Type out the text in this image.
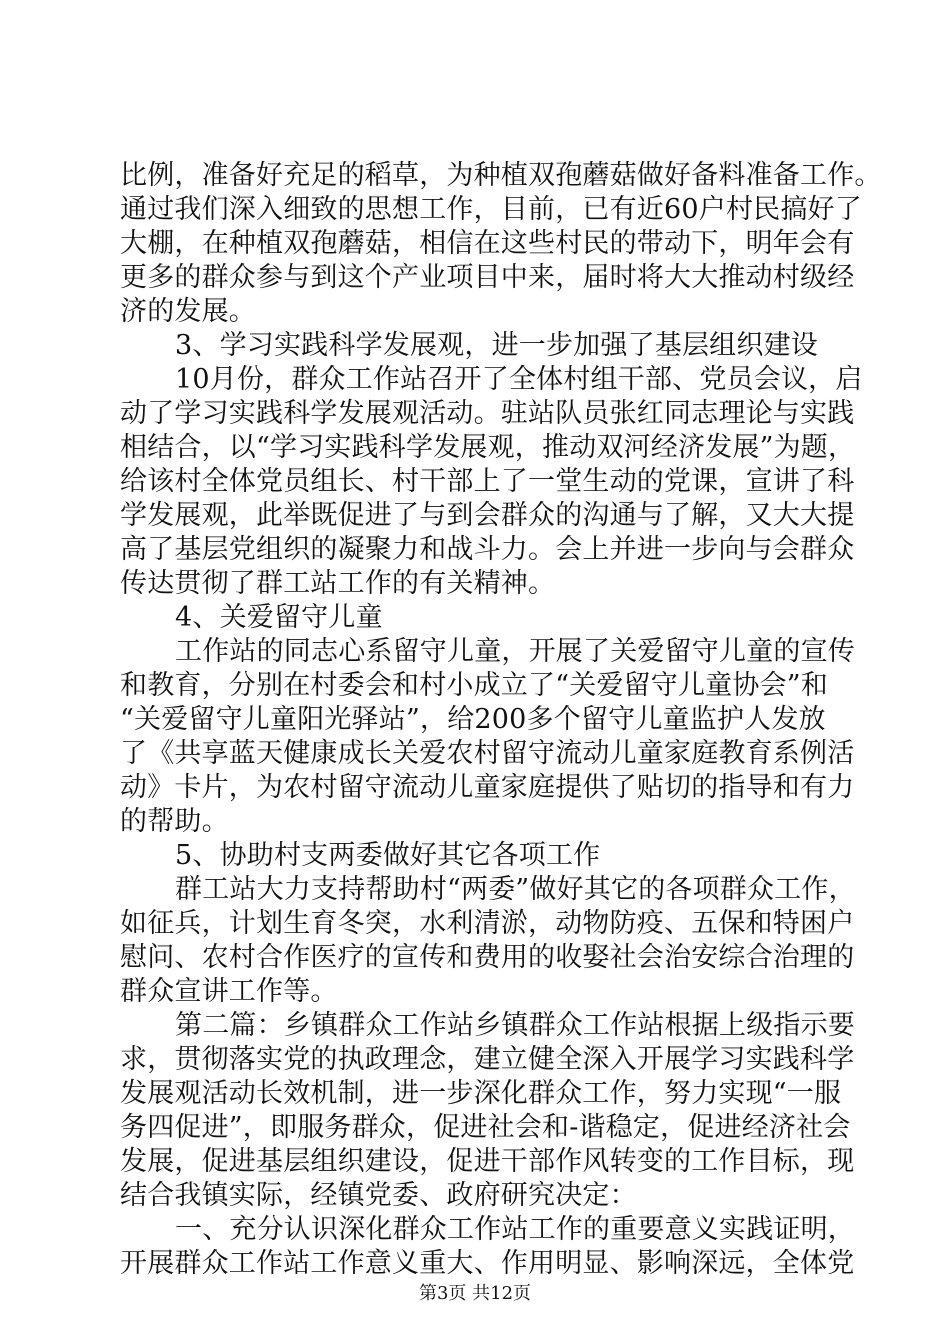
比例，准备好充足的稻草，为种植双孢蘑菇做好备料准备工作。
通过我们深入细致的思想工作，目前，已有近60户村民搞好了
大棚，在种植双孢蘑菇，相信在这些村民的带动下，明年会有
更多的群众参与到这个产业项目中来，届时将大大推动村级经
济的发展。
3、学习实践科学发展观，进一步加强了基层组织建设
10月份，群众工作站召开了全体村组干部、党员会议，启
动了学习实践科学发展观活动。驻站队员张红同志理论与实践
相结合，以“学习实践科学发展观，推动双河经济发展”为题，
给该村全体党员组长、村干部上了一堂生动的党课，宣讲了科
学发展观，此举既促进了与到会群众的沟通与了解，又大大提
高了基层党组织的凝聚力和战斗力。会上并进一步向与会群众
传达贯彻了群工站工作的有关精神。
4、关爱留守儿童
工作站的同志心系留守儿童，开展了关爱留守儿童的宣传
和教育，分别在村委会和村小成立了“关爱留守儿童协会”和
“关爱留守儿童阳光驿站”，给200多个留守儿童监护人发放
了《共享蓝天健康成长关爱农村留守流动儿童家庭教育系例活
动》卡片，为农村留守流动儿童家庭提供了贴切的指导和有力
的帮助。
5、协助村支两委做好其它各项工作
群工站大力支持帮助村“两委”做好其它的各项群众工作，
如征兵，计划生育冬突，水利清淤，动物防疫、五保和特困户
慰问、农村合作医疗的宣传和费用的收娶社会治安综合治理的
群众宣讲工作等。
第二篇：乡镇群众工作站乡镇群众工作站根据上级指示要
求，贯彻落实党的执政理念，建立健全深入开展学习实践科学
发展观活动长效机制，进一步深化群众工作，努力实现“一服
务四促进”，即服务群众，促进社会和-谐稳定，促进经济社会
发展，促进基层组织建设，促进干部作风转变的工作目标，现
结合我镇实际，经镇党委、政府研究决定：
一、充分认识深化群众工作站工作的重要意义实践证明，
第3页 共12页
开展群众工作站工作意义重大、作用明显、影响深远，全体党
